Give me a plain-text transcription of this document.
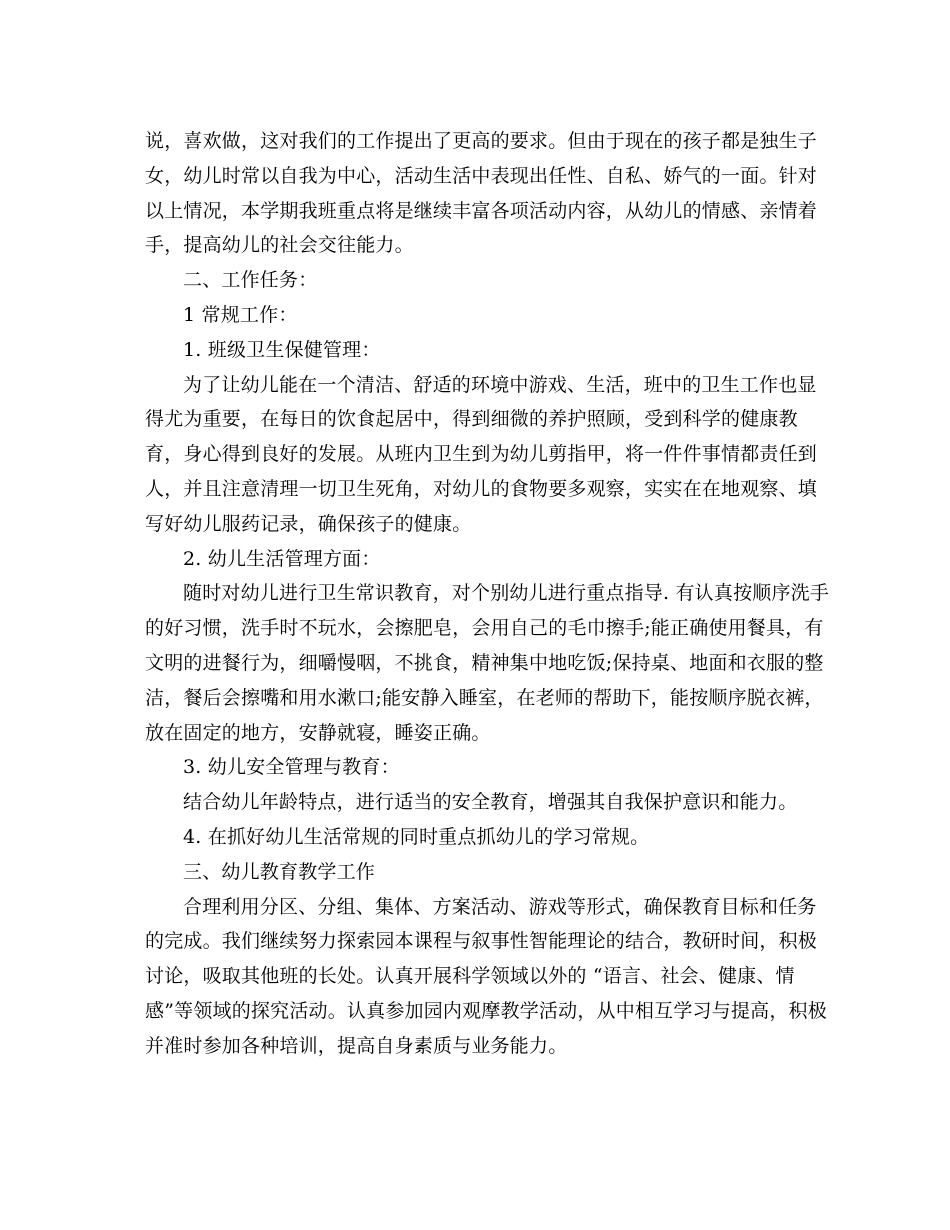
说，喜欢做，这对我们的工作提出了更高的要求。但由于现在的孩子都是独生子
女，幼儿时常以自我为中心，活动生活中表现出任性、自私、娇气的一面。针对
以上情况，本学期我班重点将是继续丰富各项活动内容，从幼儿的情感、亲情着
手，提高幼儿的社会交往能力。
二、工作任务：
1 常规工作：
1. 班级卫生保健管理：
为了让幼儿能在一个清洁、舒适的环境中游戏、生活，班中的卫生工作也显
得尤为重要，在每日的饮食起居中，得到细微的养护照顾，受到科学的健康教
育，身心得到良好的发展。从班内卫生到为幼儿剪指甲，将一件件事情都责任到
人，并且注意清理一切卫生死角，对幼儿的食物要多观察，实实在在地观察、填
写好幼儿服药记录，确保孩子的健康。
2. 幼儿生活管理方面：
随时对幼儿进行卫生常识教育，对个别幼儿进行重点指导. 有认真按顺序洗手
的好习惯，洗手时不玩水，会擦肥皂，会用自己的毛巾擦手;能正确使用餐具，有
文明的进餐行为，细嚼慢咽，不挑食，精神集中地吃饭;保持桌、地面和衣服的整
洁，餐后会擦嘴和用水漱口;能安静入睡室，在老师的帮助下，能按顺序脱衣裤，
放在固定的地方，安静就寝，睡姿正确。
3. 幼儿安全管理与教育：
结合幼儿年龄特点，进行适当的安全教育，增强其自我保护意识和能力。
4. 在抓好幼儿生活常规的同时重点抓幼儿的学习常规。
三、幼儿教育教学工作
合理利用分区、分组、集体、方案活动、游戏等形式，确保教育目标和任务
的完成。我们继续努力探索园本课程与叙事性智能理论的结合，教研时间，积极
讨论，吸取其他班的长处。认真开展科学领域以外的 “语言、社会、健康、情
感”等领域的探究活动。认真参加园内观摩教学活动，从中相互学习与提高，积极
并准时参加各种培训，提高自身素质与业务能力。
